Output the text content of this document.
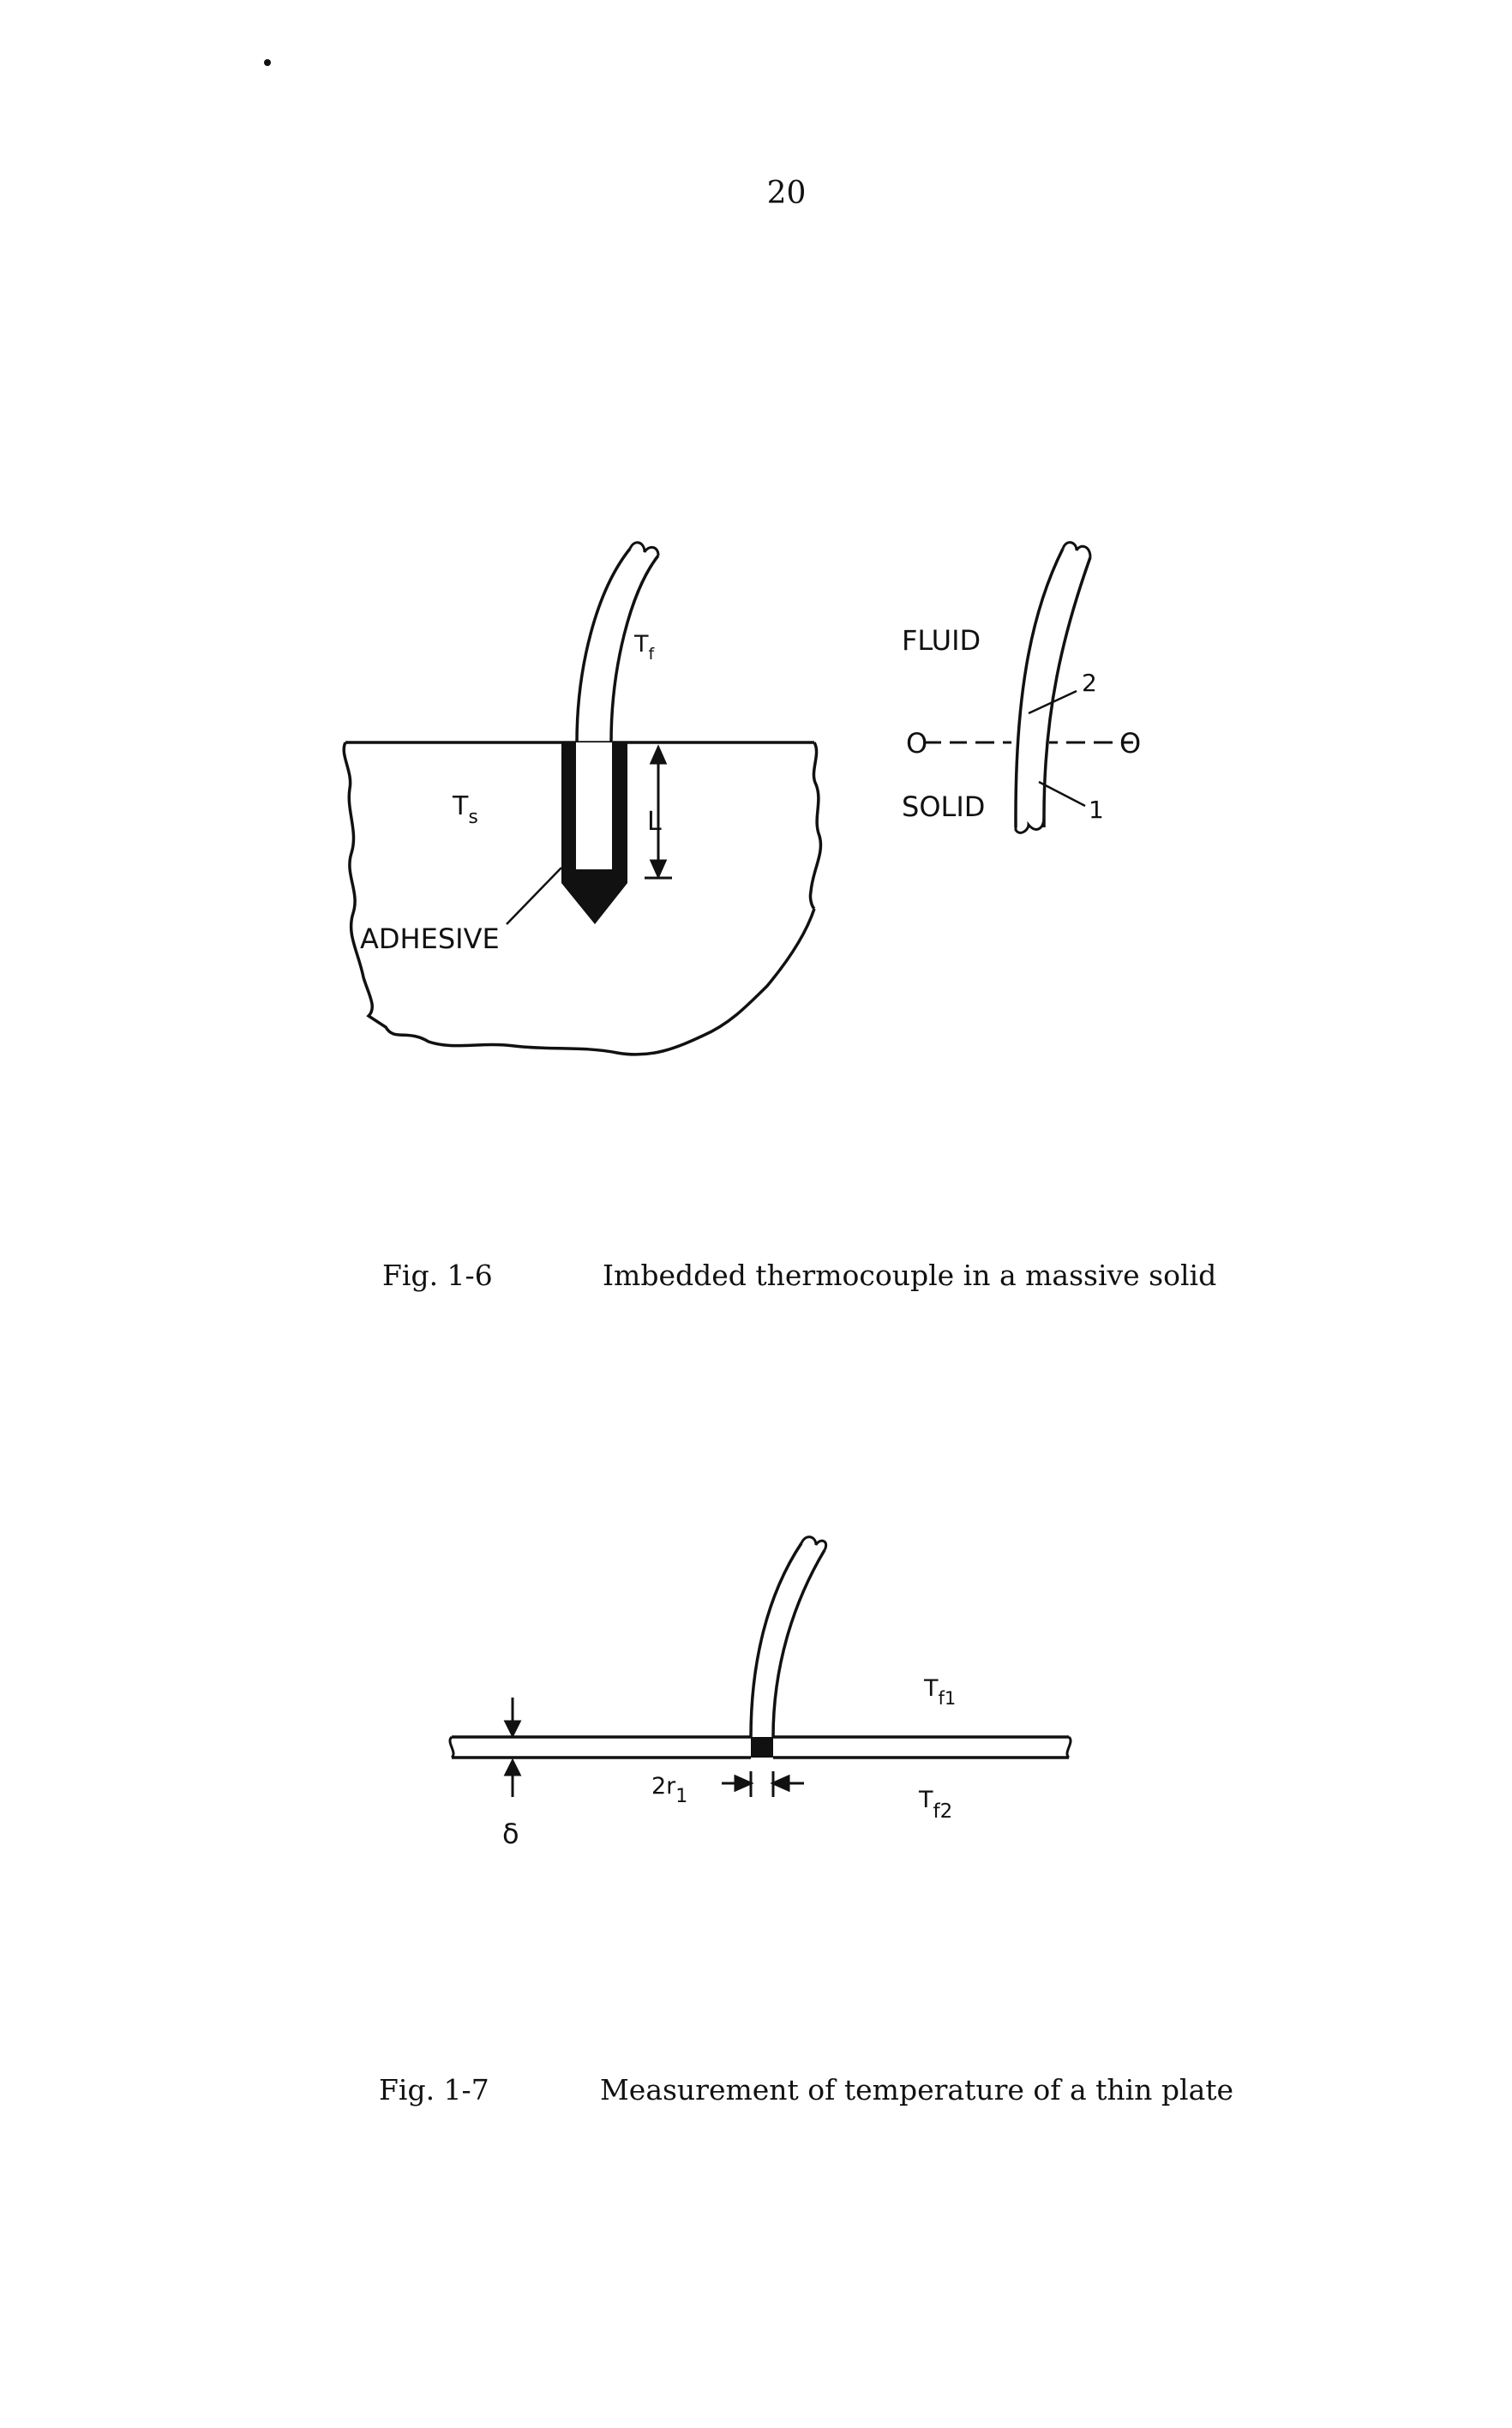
20
$T_f$
$T_s$	L
ADHESIVE
FLUID
SOLID
2
1
O	O
$T_{f1}$
Tf2
$2r_1$
δ
Fig. 1-6	Imbedded thermocouple in a massive solid
Fig. 1-7	Measurement of temperature of a thin plate
